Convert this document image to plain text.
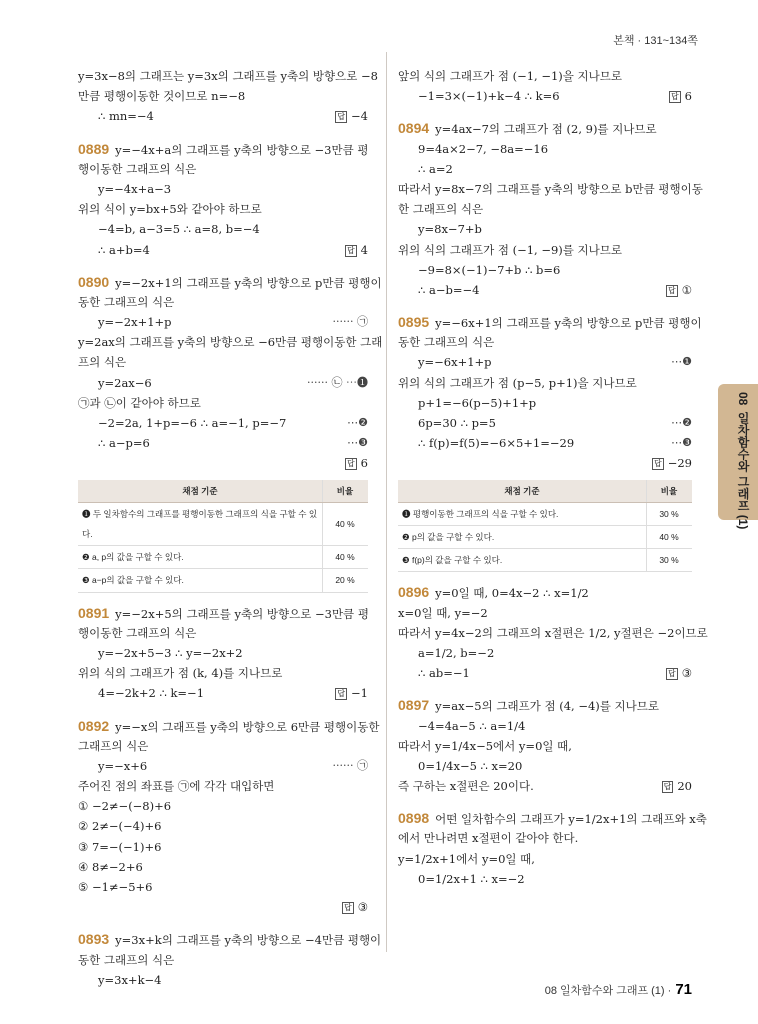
본책 · 131~134쪽
y=3x−8의 그래프는 y=3x의 그래프를 y축의 방향으로 −8
만큼 평행이동한 것이므로 n=−8
∴ mn=−4	답 −4
0889 y=−4x+a의 그래프를 y축의 방향으로 −3만큼 평
행이동한 그래프의 식은
y=−4x+a−3
위의 식이 y=bx+5와 같아야 하므로
−4=b, a−3=5 ∴ a=8, b=−4
∴ a+b=4	답 4
0890 y=−2x+1의 그래프를 y축의 방향으로 p만큼 평행이
동한 그래프의 식은
y=−2x+1+p	······ ㉠
y=2ax의 그래프를 y축의 방향으로 −6만큼 평행이동한 그래
프의 식은
y=2ax−6	······ ㉡ ⋯❶
㉠과 ㉡이 같아야 하므로
−2=2a, 1+p=−6 ∴ a=−1, p=−7	⋯❷
∴ a−p=6	⋯❸
답 6
채점 기준	비율
❶ 두 일차함수의 그래프를 평행이동한 그래프의 식을 구할 수 있다.	40 %
❷ a, p의 값을 구할 수 있다.	40 %
❸ a−p의 값을 구할 수 있다.	20 %
0891 y=−2x+5의 그래프를 y축의 방향으로 −3만큼 평
행이동한 그래프의 식은
y=−2x+5−3 ∴ y=−2x+2
위의 식의 그래프가 점 (k, 4)를 지나므로
4=−2k+2 ∴ k=−1	답 −1
0892 y=−x의 그래프를 y축의 방향으로 6만큼 평행이동한
그래프의 식은
y=−x+6	······ ㉠
주어진 점의 좌표를 ㉠에 각각 대입하면
① −2≠−(−8)+6
② 2≠−(−4)+6
③ 7=−(−1)+6
④ 8≠−2+6
⑤ −1≠−5+6
답 ③
0893 y=3x+k의 그래프를 y축의 방향으로 −4만큼 평행이
동한 그래프의 식은
y=3x+k−4
앞의 식의 그래프가 점 (−1, −1)을 지나므로
−1=3×(−1)+k−4 ∴ k=6	답 6
0894 y=4ax−7의 그래프가 점 (2, 9)를 지나므로
9=4a×2−7, −8a=−16
∴ a=2
따라서 y=8x−7의 그래프를 y축의 방향으로 b만큼 평행이동
한 그래프의 식은
y=8x−7+b
위의 식의 그래프가 점 (−1, −9)를 지나므로
−9=8×(−1)−7+b ∴ b=6
∴ a−b=−4	답 ①
0895 y=−6x+1의 그래프를 y축의 방향으로 p만큼 평행이
동한 그래프의 식은
y=−6x+1+p	⋯❶
위의 식의 그래프가 점 (p−5, p+1)을 지나므로
p+1=−6(p−5)+1+p
6p=30 ∴ p=5	⋯❷
∴ f(p)=f(5)=−6×5+1=−29	⋯❸
답 −29
채점 기준	비율
❶ 평행이동한 그래프의 식을 구할 수 있다.	30 %
❷ p의 값을 구할 수 있다.	40 %
❸ f(p)의 값을 구할 수 있다.	30 %
0896 y=0일 때, 0=4x−2 ∴ x=1/2
x=0일 때, y=−2
따라서 y=4x−2의 그래프의 x절편은 1/2, y절편은 −2이므로
a=1/2, b=−2
∴ ab=−1	답 ③
0897 y=ax−5의 그래프가 점 (4, −4)를 지나므로
−4=4a−5 ∴ a=1/4
따라서 y=1/4x−5에서 y=0일 때,
0=1/4x−5 ∴ x=20
즉 구하는 x절편은 20이다.	답 20
0898 어떤 일차함수의 그래프가 y=1/2x+1의 그래프와 x축
에서 만나려면 x절편이 같아야 한다.
y=1/2x+1에서 y=0일 때,
0=1/2x+1 ∴ x=−2
08  일차함수와 그래프 (1)
08 일차함수와 그래프 (1) · 71
